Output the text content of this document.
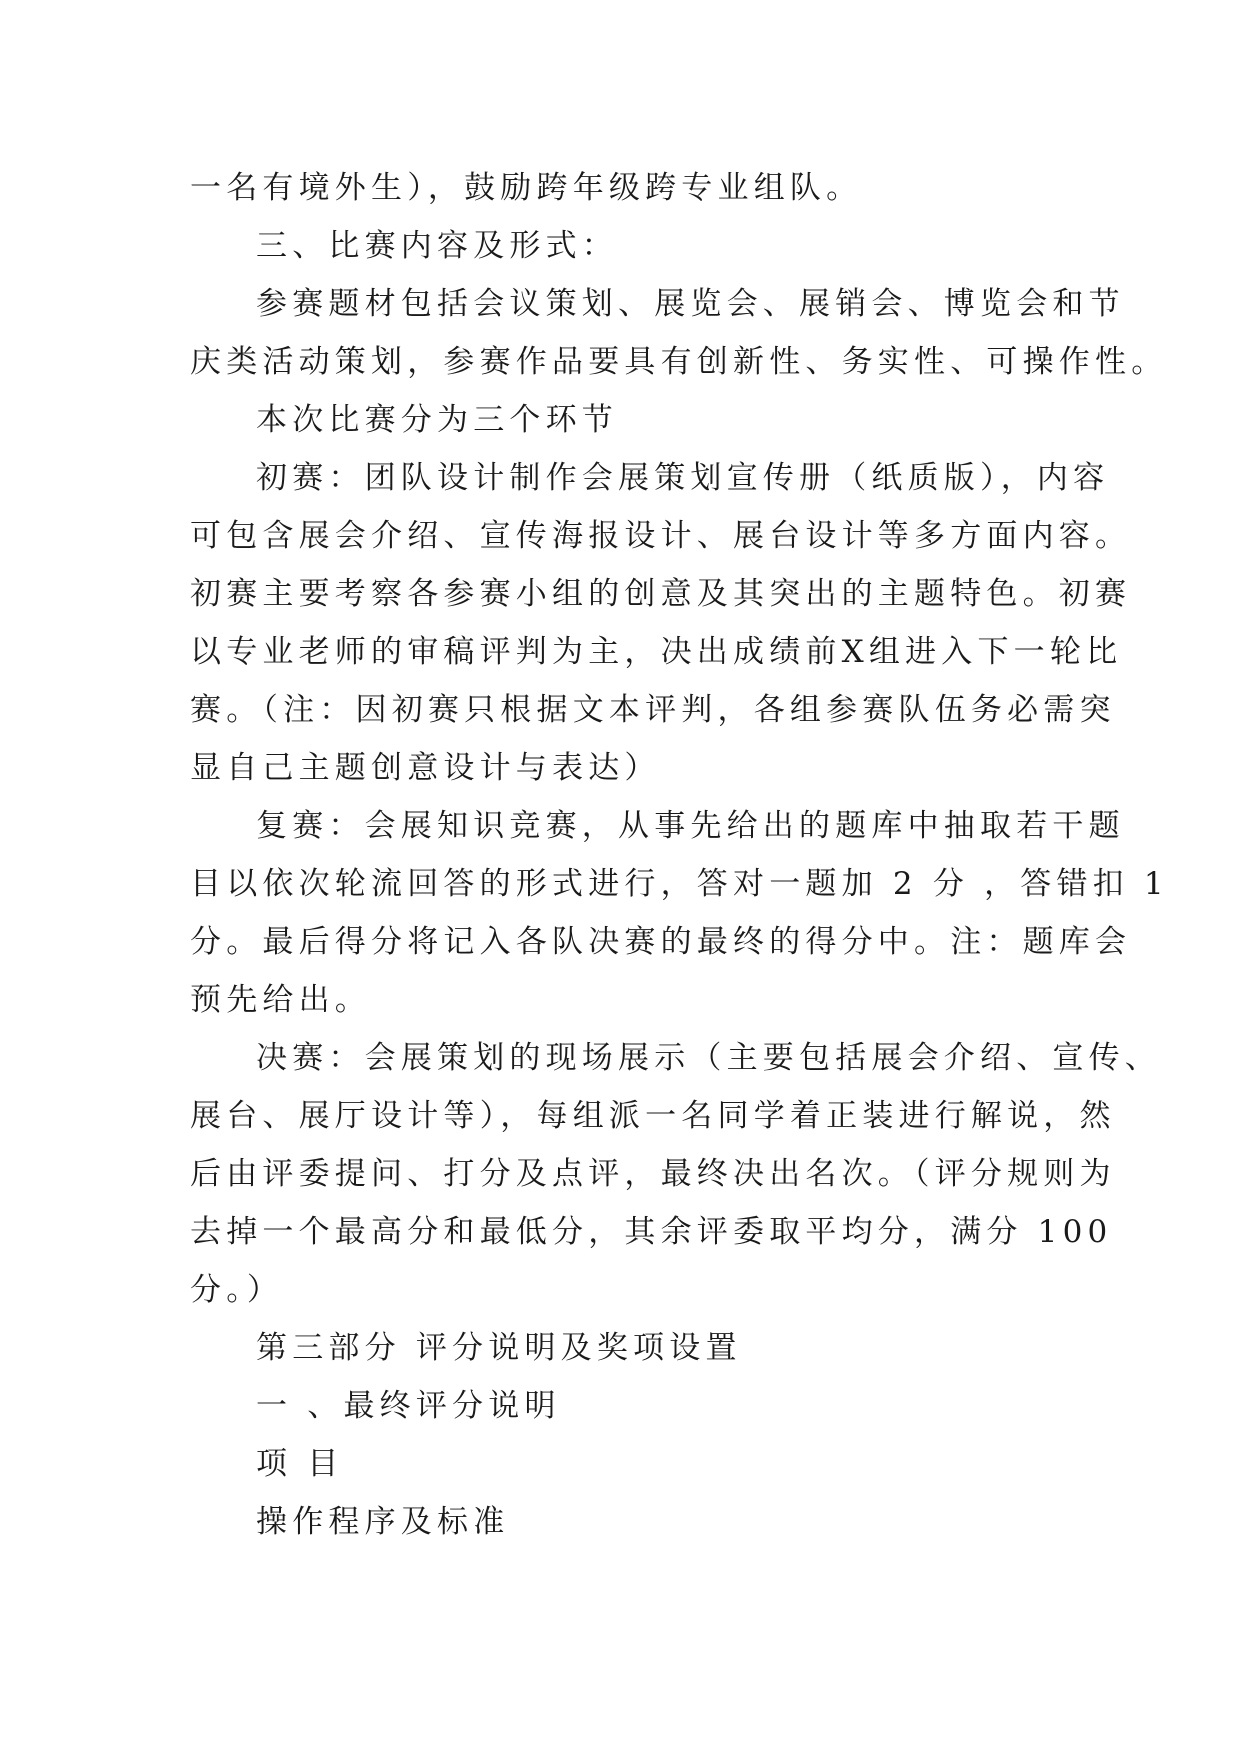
一名有境外生），鼓励跨年级跨专业组队。
三、比赛内容及形式：
参赛题材包括会议策划、展览会、展销会、博览会和节
庆类活动策划，参赛作品要具有创新性、务实性、可操作性。
本次比赛分为三个环节
初赛：团队设计制作会展策划宣传册（纸质版），内容
可包含展会介绍、宣传海报设计、展台设计等多方面内容。
初赛主要考察各参赛小组的创意及其突出的主题特色。初赛
以专业老师的审稿评判为主，决出成绩前X组进入下一轮比
赛。（注：因初赛只根据文本评判，各组参赛队伍务必需突
显自己主题创意设计与表达）
复赛：会展知识竞赛，从事先给出的题库中抽取若干题
目以依次轮流回答的形式进行，答对一题加 2 分 ，答错扣 1
分。最后得分将记入各队决赛的最终的得分中。注：题库会
预先给出。
决赛：会展策划的现场展示（主要包括展会介绍、宣传、
展台、展厅设计等），每组派一名同学着正装进行解说，然
后由评委提问、打分及点评，最终决出名次。（评分规则为
去掉一个最高分和最低分，其余评委取平均分，满分 100
分。）
第三部分 评分说明及奖项设置
一 、最终评分说明
项 目
操作程序及标准
